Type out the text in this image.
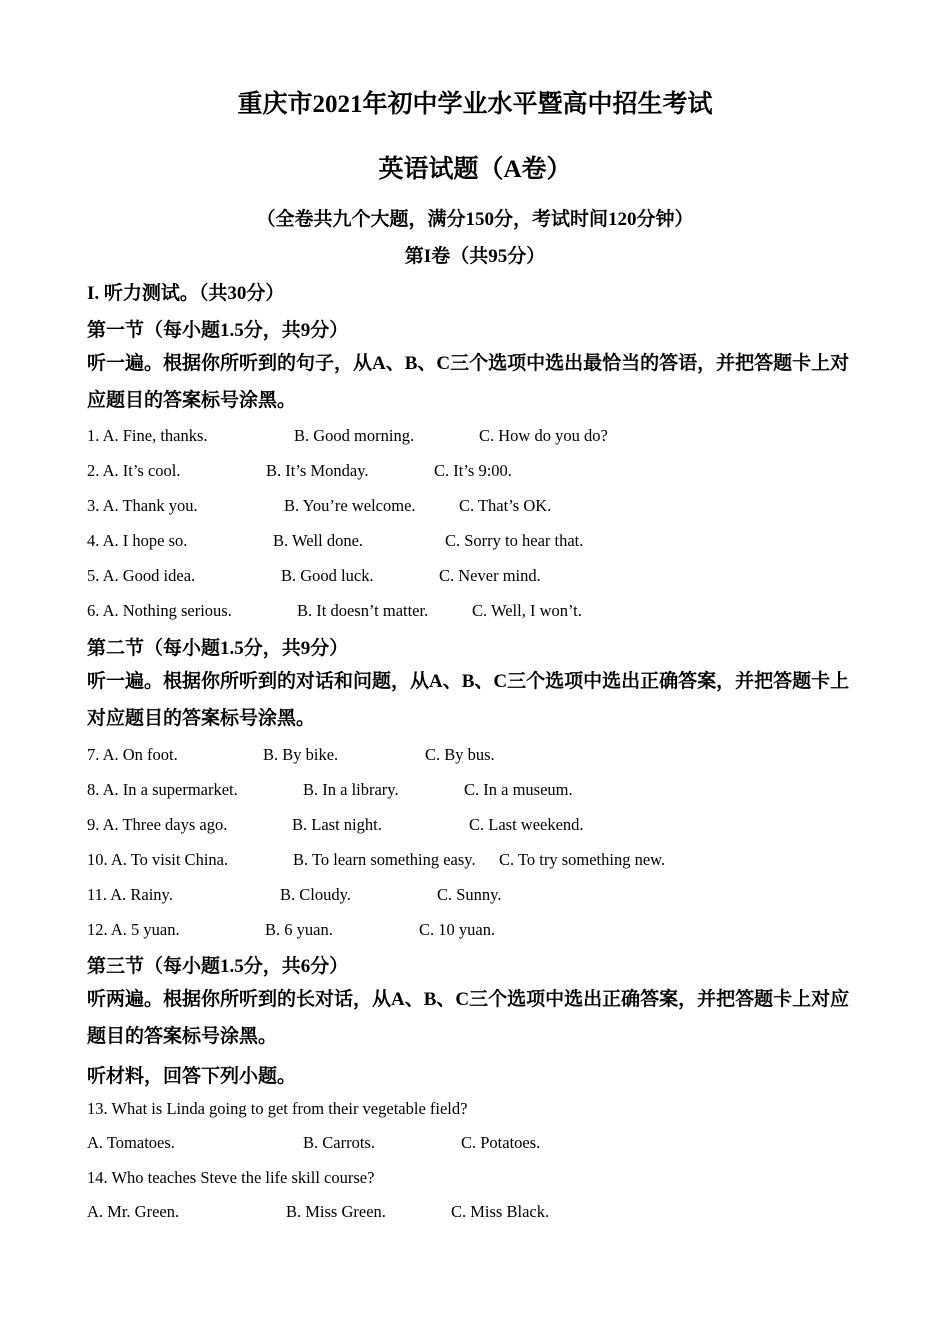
重庆市2021年初中学业水平暨高中招生考试
英语试题（A卷）
（全卷共九个大题，满分150分，考试时间120分钟）
第I卷（共95分）
I. 听力测试。（共30分）
第一节（每小题1.5分，共9分）
听一遍。根据你所听到的句子，从A、B、C三个选项中选出最恰当的答语，并把答题卡上对
应题目的答案标号涂黑。
1. A. Fine, thanks.	B. Good morning.	C. How do you do?
2. A. It’s cool.	B. It’s Monday.	C. It’s 9:00.
3. A. Thank you.	B. You’re welcome.	C. That’s OK.
4. A. I hope so.	B. Well done.	C. Sorry to hear that.
5. A. Good idea.	B. Good luck.	C. Never mind.
6. A. Nothing serious.	B. It doesn’t matter.	C. Well, I won’t.
第二节（每小题1.5分，共9分）
听一遍。根据你所听到的对话和问题，从A、B、C三个选项中选出正确答案，并把答题卡上
对应题目的答案标号涂黑。
7. A. On foot.	B. By bike.	C. By bus.
8. A. In a supermarket.	B. In a library.	C. In a museum.
9. A. Three days ago.	B. Last night.	C. Last weekend.
10. A. To visit China.	B. To learn something easy. C. To try something new.
11. A. Rainy.	B. Cloudy.	C. Sunny.
12. A. 5 yuan.	B. 6 yuan.	C. 10 yuan.
第三节（每小题1.5分，共6分）
听两遍。根据你所听到的长对话，从A、B、C三个选项中选出正确答案，并把答题卡上对应
题目的答案标号涂黑。
听材料，回答下列小题。
13. What is Linda going to get from their vegetable field?
A. Tomatoes.	B. Carrots.	C. Potatoes.
14. Who teaches Steve the life skill course?
A. Mr. Green.	B. Miss Green.	C. Miss Black.
